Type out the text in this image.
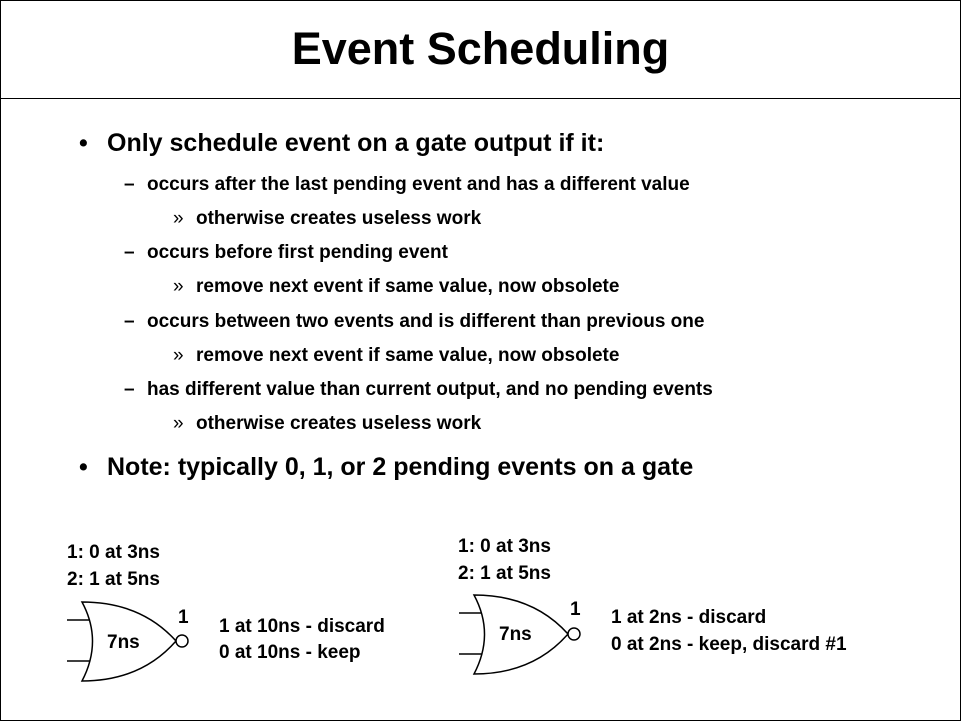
Event Scheduling
• Only schedule event on a gate output if it:
– occurs after the last pending event and has a different value
» otherwise creates useless work
– occurs before first pending event
» remove next event if same value, now obsolete
– occurs between two events and is different than previous one
» remove next event if same value, now obsolete
– has different value than current output, and no pending events
» otherwise creates useless work
• Note: typically 0, 1, or 2 pending events on a gate
1: 0 at 3ns
2: 1 at 5ns
7ns
1 1 at 10ns - discard
0 at 10ns - keep
1: 0 at 3ns
2: 1 at 5ns
7ns
1 1 at 2ns - discard
0 at 2ns - keep, discard #1
